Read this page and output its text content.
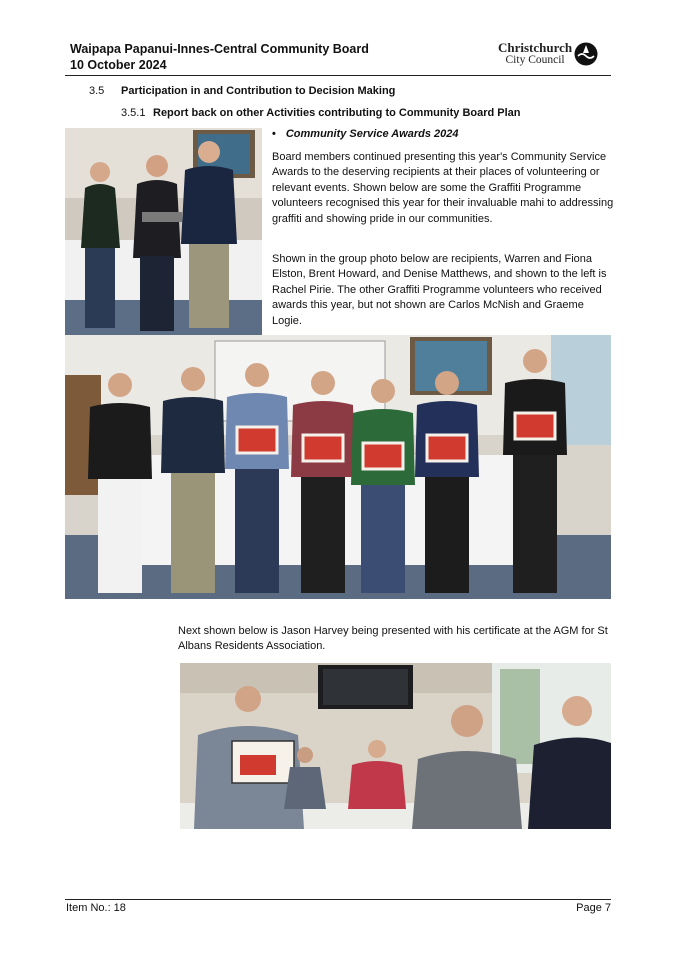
Waipapa Papanui-Innes-Central Community Board
10 October 2024
Christchurch
City Council
3.5 Participation in and Contribution to Decision Making
3.5.1 Report back on other Activities contributing to Community Board Plan
• Community Service Awards 2024
Board members continued presenting this year's Community Service Awards to the deserving recipients at their places of volunteering or relevant events. Shown below are some the Graffiti Programme volunteers recognised this year for their invaluable mahi to addressing graffiti and showing pride in our communities.
Shown in the group photo below are recipients, Warren and Fiona Elston, Brent Howard, and Denise Matthews, and shown to the left is Rachel Pirie. The other Graffiti Programme volunteers who received awards this year, but not shown are Carlos McNish and Graeme Logie.
Next shown below is Jason Harvey being presented with his certificate at the AGM for St Albans Residents Association.
Item No.: 18	Page 7
